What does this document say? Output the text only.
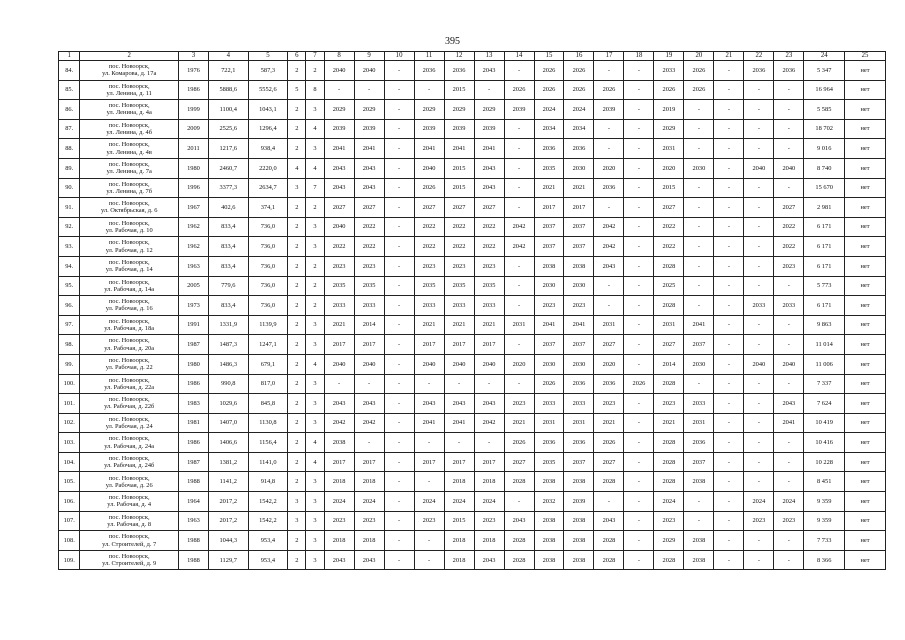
395
1	2	3	4	5	6	7	8	9	10	11	12	13	14	15	16	17	18	19	20	21	22	23	24	25
84.	пос. Новоорск,
ул. Комарова, д. 17а	1976	722,1	587,3	2	2	2040	2040	-	2036	2036	2043	-	2026	2026	-	-	2033	2026	-	2036	2036	5 347	нет
85.	пос. Новоорск,
ул. Ленина, д. 11	1986	5888,6	5552,6	5	8	-	-	-	-	2015	-	2026	2026	2026	2026	-	2026	2026	-	-	-	16 964	нет
86.	пос. Новоорск,
ул. Ленина, д. 4а	1999	1100,4	1043,1	2	3	2029	2029	-	2029	2029	2029	2039	2024	2024	2039	-	2019	-	-	-	-	5 585	нет
87.	пос. Новоорск,
ул. Ленина, д. 4б	2009	2525,6	1296,4	2	4	2039	2039	-	2039	2039	2039	-	2034	2034	-	-	2029	-	-	-	-	18 702	нет
88.	пос. Новоорск,
ул. Ленина, д. 4в	2011	1217,6	938,4	2	3	2041	2041	-	2041	2041	2041	-	2036	2036	-	-	2031	-	-	-	-	9 016	нет
89.	пос. Новоорск,
ул. Ленина, д. 7а	1980	2460,7	2220,0	4	4	2043	2043	-	2040	2015	2043	-	2035	2030	2020	-	2020	2030	-	2040	2040	8 740	нет
90.	пос. Новоорск,
ул. Ленина, д. 7б	1996	3377,3	2634,7	3	7	2043	2043	-	2026	2015	2043	-	2021	2021	2036	-	2015	-	-	-	-	15 670	нет
91.	пос. Новоорск,
ул. Октябрьская, д. 6	1967	402,6	374,1	2	2	2027	2027	-	2027	2027	2027	-	2017	2017	-	-	2027	-	-	-	2027	2 981	нет
92.	пос. Новоорск,
ул. Рабочая, д. 10	1962	833,4	736,0	2	3	2040	2022	-	2022	2022	2022	2042	2037	2037	2042	-	2022	-	-	-	2022	6 171	нет
93.	пос. Новоорск,
ул. Рабочая, д. 12	1962	833,4	736,0	2	3	2022	2022	-	2022	2022	2022	2042	2037	2037	2042	-	2022	-	-	-	2022	6 171	нет
94.	пос. Новоорск,
ул. Рабочая, д. 14	1963	833,4	736,0	2	2	2023	2023	-	2023	2023	2023	-	2038	2038	2043	-	2028	-	-	-	2023	6 171	нет
95.	пос. Новоорск,
ул. Рабочая, д. 14а	2005	779,6	736,0	2	2	2035	2035	-	2035	2035	2035	-	2030	2030	-	-	2025	-	-	-	-	5 773	нет
96.	пос. Новоорск,
ул. Рабочая, д. 16	1973	833,4	736,0	2	2	2033	2033	-	2033	2033	2033	-	2023	2023	-	-	2028	-	-	2033	2033	6 171	нет
97.	пос. Новоорск,
ул. Рабочая, д. 18а	1991	1331,9	1139,9	2	3	2021	2014	-	2021	2021	2021	2031	2041	2041	2031	-	2031	2041	-	-	-	9 863	нет
98.	пос. Новоорск,
ул. Рабочая, д. 20а	1987	1487,3	1247,1	2	3	2017	2017	-	2017	2017	2017	-	2037	2037	2027	-	2027	2037	-	-	-	11 014	нет
99.	пос. Новоорск,
ул. Рабочая, д. 22	1980	1486,3	679,1	2	4	2040	2040	-	2040	2040	2040	2020	2030	2030	2020	-	2014	2030	-	2040	2040	11 006	нет
100.	пос. Новоорск,
ул. Рабочая, д. 22а	1986	990,8	817,0	2	3	-	-	-	-	-	-	-	2026	2036	2036	2026	2028	-	-	-	-	7 337	нет
101.	пос. Новоорск,
ул. Рабочая, д. 22б	1983	1029,6	845,8	2	3	2043	2043	-	2043	2043	2043	2023	2033	2033	2023	-	2023	2033	-	-	2043	7 624	нет
102.	пос. Новоорск,
ул. Рабочая, д. 24	1981	1407,0	1130,8	2	3	2042	2042	-	2041	2041	2042	2021	2031	2031	2021	-	2021	2031	-	-	2041	10 419	нет
103.	пос. Новоорск,
ул. Рабочая, д. 24а	1986	1406,6	1156,4	2	4	2038	-	-	-	-	-	2026	2036	2036	2026	-	2028	2036	-	-	-	10 416	нет
104.	пос. Новоорск,
ул. Рабочая, д. 24б	1987	1381,2	1141,0	2	4	2017	2017	-	2017	2017	2017	2027	2035	2037	2027	-	2028	2037	-	-	-	10 228	нет
105.	пос. Новоорск,
ул. Рабочая, д. 26	1988	1141,2	914,8	2	3	2018	2018	-	-	2018	2018	2028	2038	2038	2028	-	2028	2038	-	-	-	8 451	нет
106.	пос. Новоорск,
ул. Рабочая, д. 4	1964	2017,2	1542,2	3	3	2024	2024	-	2024	2024	2024	-	2032	2039	-	-	2024	-	-	2024	2024	9 359	нет
107.	пос. Новоорск,
ул. Рабочая, д. 8	1963	2017,2	1542,2	3	3	2023	2023	-	2023	2015	2023	2043	2038	2038	2043	-	2023	-	-	2023	2023	9 359	нет
108.	пос. Новоорск,
ул. Строителей, д. 7	1988	1044,3	953,4	2	3	2018	2018	-	-	2018	2018	2028	2038	2038	2028	-	2029	2038	-	-	-	7 733	нет
109.	пос. Новоорск,
ул. Строителей, д. 9	1988	1129,7	953,4	2	3	2043	2043	-	-	2018	2043	2028	2038	2038	2028	-	2028	2038	-	-	-	8 366	нет
